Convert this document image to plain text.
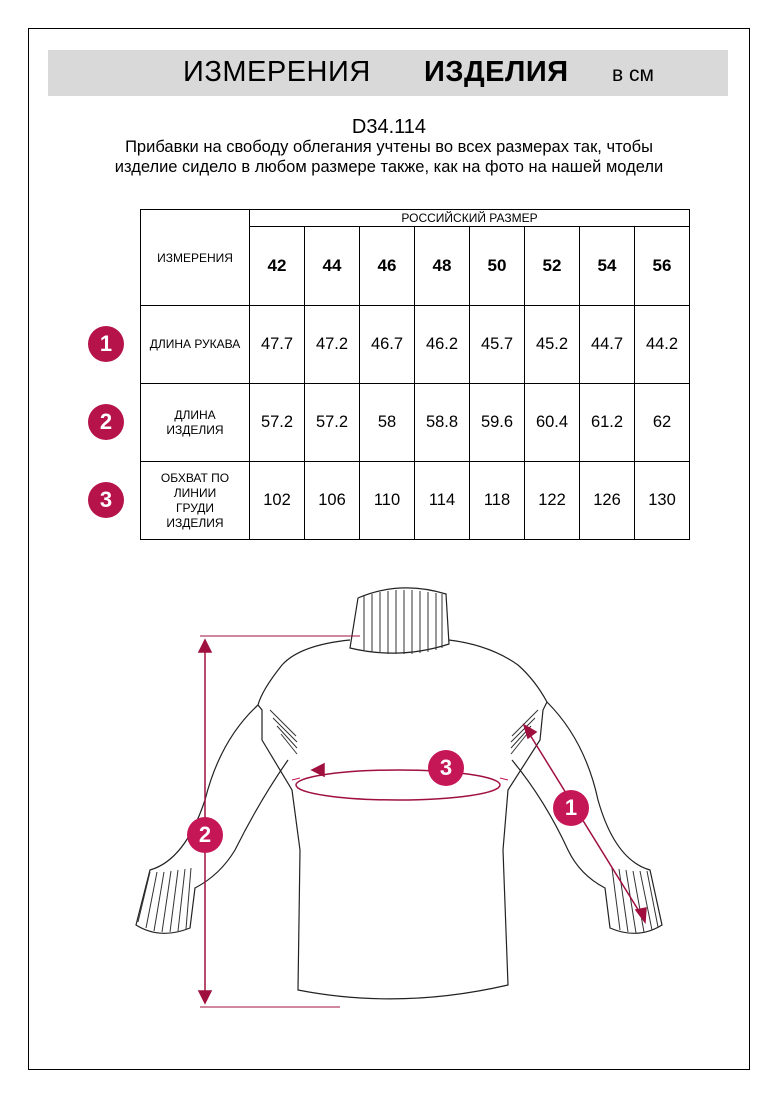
ИЗМЕРЕНИЯ ИЗДЕЛИЯ в см
D34.114
Прибавки на свободу облегания учтены во всех размерах так, чтобы изделие сидело в любом размере также, как на фото на нашей модели
ИЗМЕРЕНИЯ	РОССИЙСКИЙ РАЗМЕР							
	42	44	46	48	50	52	54	56
ДЛИНА РУКАВА	47.7	47.2	46.7	46.2	45.7	45.2	44.7	44.2
ДЛИНА ИЗДЕЛИЯ	57.2	57.2	58	58.8	59.6	60.4	61.2	62
ОБХВАТ ПО ЛИНИИ ГРУДИ ИЗДЕЛИЯ	102	106	110	114	118	122	126	130
1
2
3
2
3
1
